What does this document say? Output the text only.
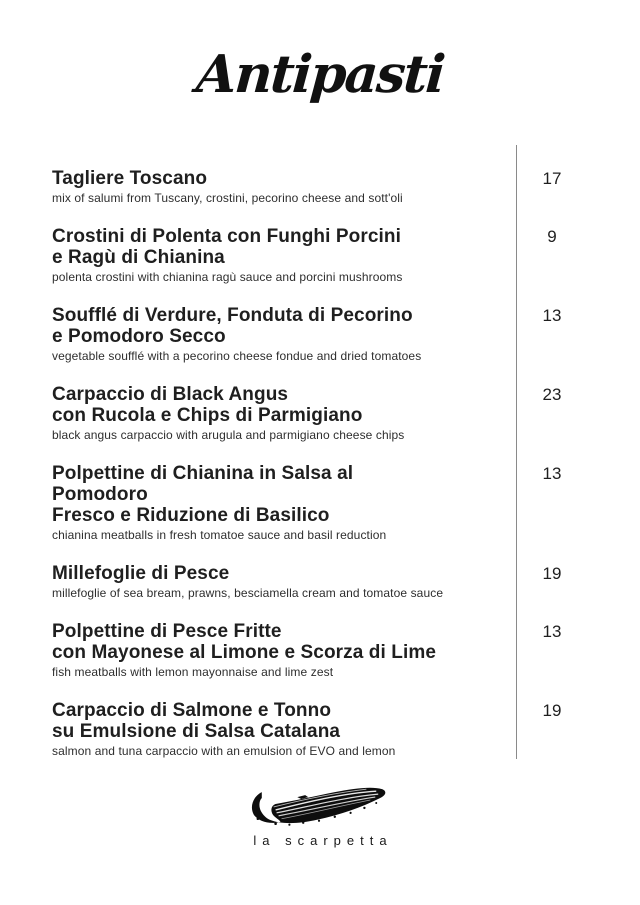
Antipasti
Tagliere Toscano
mix of salumi from Tuscany, crostini, pecorino cheese and sott'oli
17
Crostini di Polenta con Funghi Porcini
e Ragù di Chianina
polenta crostini with chianina ragù sauce and porcini mushrooms
9
Soufflé di Verdure, Fonduta di Pecorino
e Pomodoro Secco
vegetable soufflé with a pecorino cheese fondue and dried tomatoes
13
Carpaccio di Black Angus
con Rucola e Chips di Parmigiano
black angus carpaccio with arugula and parmigiano cheese chips
23
Polpettine di Chianina in Salsa al Pomodoro
Fresco e Riduzione di Basilico
chianina meatballs in fresh tomatoe sauce and basil reduction
13
Millefoglie di Pesce
millefoglie of sea bream, prawns, besciamella cream and tomatoe sauce
19
Polpettine di Pesce Fritte
con Mayonese al Limone e Scorza di Lime
fish meatballs with lemon mayonnaise and lime zest
13
Carpaccio di Salmone e Tonno
su Emulsione di Salsa Catalana
salmon and tuna carpaccio with an emulsion of EVO and lemon
19
la scarpetta
